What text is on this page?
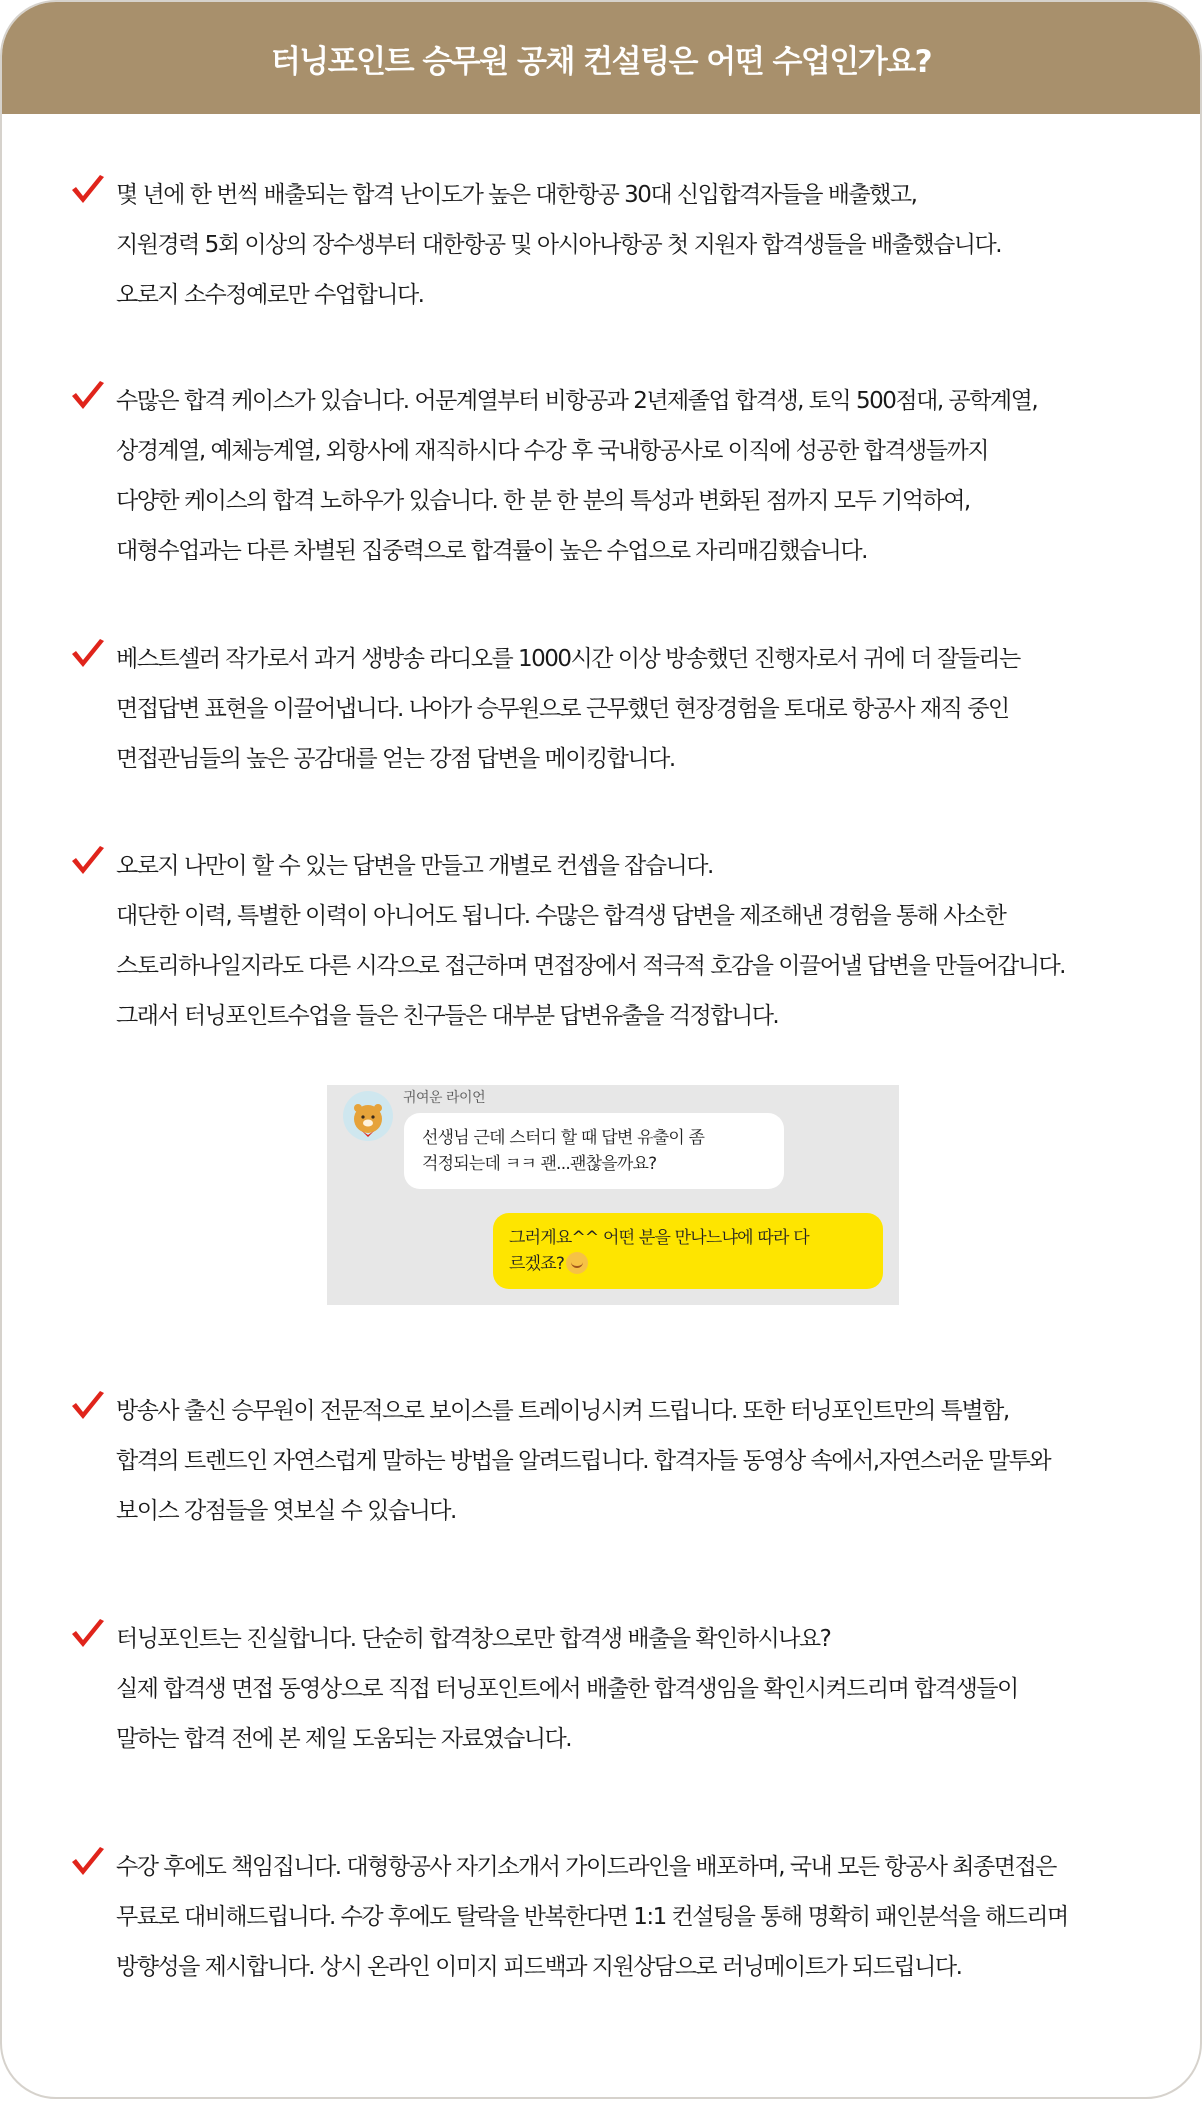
터닝포인트 승무원 공채 컨설팅은 어떤 수업인가요?
몇 년에 한 번씩 배출되는 합격 난이도가 높은 대한항공 30대 신입합격자들을 배출했고,
지원경력 5회 이상의 장수생부터 대한항공 및 아시아나항공 첫 지원자 합격생들을 배출했습니다.
오로지 소수정예로만 수업합니다.
수많은 합격 케이스가 있습니다. 어문계열부터 비항공과 2년제졸업 합격생, 토익 500점대, 공학계열,
상경계열, 예체능계열, 외항사에 재직하시다 수강 후 국내항공사로 이직에 성공한 합격생들까지
다양한 케이스의 합격 노하우가 있습니다. 한 분 한 분의 특성과 변화된 점까지 모두 기억하여,
대형수업과는 다른 차별된 집중력으로 합격률이 높은 수업으로 자리매김했습니다.
베스트셀러 작가로서 과거 생방송 라디오를 1000시간 이상 방송했던 진행자로서 귀에 더 잘들리는
면접답변 표현을 이끌어냅니다. 나아가 승무원으로 근무했던 현장경험을 토대로 항공사 재직 중인
면접관님들의 높은 공감대를 얻는 강점 답변을 메이킹합니다.
오로지 나만이 할 수 있는 답변을 만들고 개별로 컨셉을 잡습니다.
대단한 이력, 특별한 이력이 아니어도 됩니다. 수많은 합격생 답변을 제조해낸 경험을 통해 사소한
스토리하나일지라도 다른 시각으로 접근하며 면접장에서 적극적 호감을 이끌어낼 답변을 만들어갑니다.
그래서 터닝포인트수업을 들은 친구들은 대부분 답변유출을 걱정합니다.
방송사 출신 승무원이 전문적으로 보이스를 트레이닝시켜 드립니다. 또한 터닝포인트만의 특별함,
합격의 트렌드인 자연스럽게 말하는 방법을 알려드립니다. 합격자들 동영상 속에서,자연스러운 말투와
보이스 강점들을 엿보실 수 있습니다.
터닝포인트는 진실합니다. 단순히 합격창으로만 합격생 배출을 확인하시나요?
실제 합격생 면접 동영상으로 직접 터닝포인트에서 배출한 합격생임을 확인시켜드리며 합격생들이
말하는 합격 전에 본 제일 도움되는 자료였습니다.
수강 후에도 책임집니다. 대형항공사 자기소개서 가이드라인을 배포하며, 국내 모든 항공사 최종면접은
무료로 대비해드립니다. 수강 후에도 탈락을 반복한다면 1:1 컨설팅을 통해 명확히 패인분석을 해드리며
방향성을 제시합니다. 상시 온라인 이미지 피드백과 지원상담으로 러닝메이트가 되드립니다.
귀여운 라이언
선생님 근데 스터디 할 때 답변 유출이 좀
걱정되는데 ㅋㅋ 괜...괜찮을까요?
그러게요^^ 어떤 분을 만나느냐에 따라 다
르겠죠?
